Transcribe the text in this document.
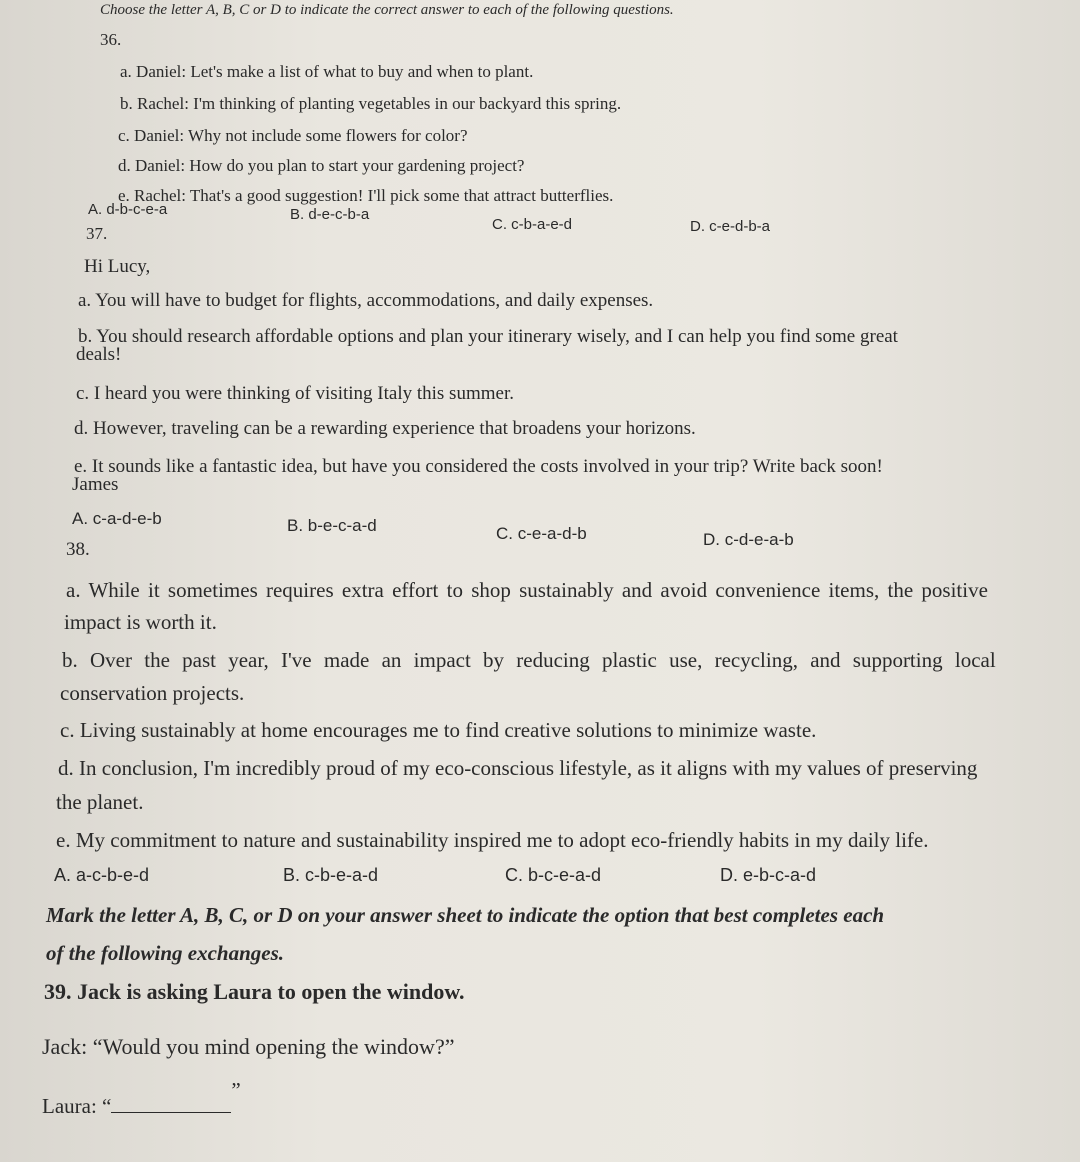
Choose the letter A, B, C or D to indicate the correct answer to each of the following questions.
36.
a. Daniel: Let's make a list of what to buy and when to plant.
b. Rachel: I'm thinking of planting vegetables in our backyard this spring.
c. Daniel: Why not include some flowers for color?
d. Daniel: How do you plan to start your gardening project?
e. Rachel: That's a good suggestion! I'll pick some that attract butterflies.
A. d-b-c-e-a	B. d-e-c-b-a
C. c-b-a-e-d	D. c-e-d-b-a
37.
Hi Lucy,
a. You will have to budget for flights, accommodations, and daily expenses.
b. You should research affordable options and plan your itinerary wisely, and I can help you find some great
deals!
c. I heard you were thinking of visiting Italy this summer.
d. However, traveling can be a rewarding experience that broadens your horizons.
e. It sounds like a fantastic idea, but have you considered the costs involved in your trip? Write back soon!
James
A. c-a-d-e-b	B. b-e-c-a-d	C. c-e-a-d-b	D. c-d-e-a-b
38.
a. While it sometimes requires extra effort to shop sustainably and avoid convenience items, the positive
impact is worth it.
b. Over the past year, I've made an impact by reducing plastic use, recycling, and supporting local
conservation projects.
c. Living sustainably at home encourages me to find creative solutions to minimize waste.
d. In conclusion, I'm incredibly proud of my eco-conscious lifestyle, as it aligns with my values of preserving
the planet.
e. My commitment to nature and sustainability inspired me to adopt eco-friendly habits in my daily life.
A. a-c-b-e-d	B. c-b-e-a-d	C. b-c-e-a-d	D. e-b-c-a-d
Mark the letter A, B, C, or D on your answer sheet to indicate the option that best completes each
of the following exchanges.
39. Jack is asking Laura to open the window.
Jack: “Would you mind opening the window?”
Laura: “”
